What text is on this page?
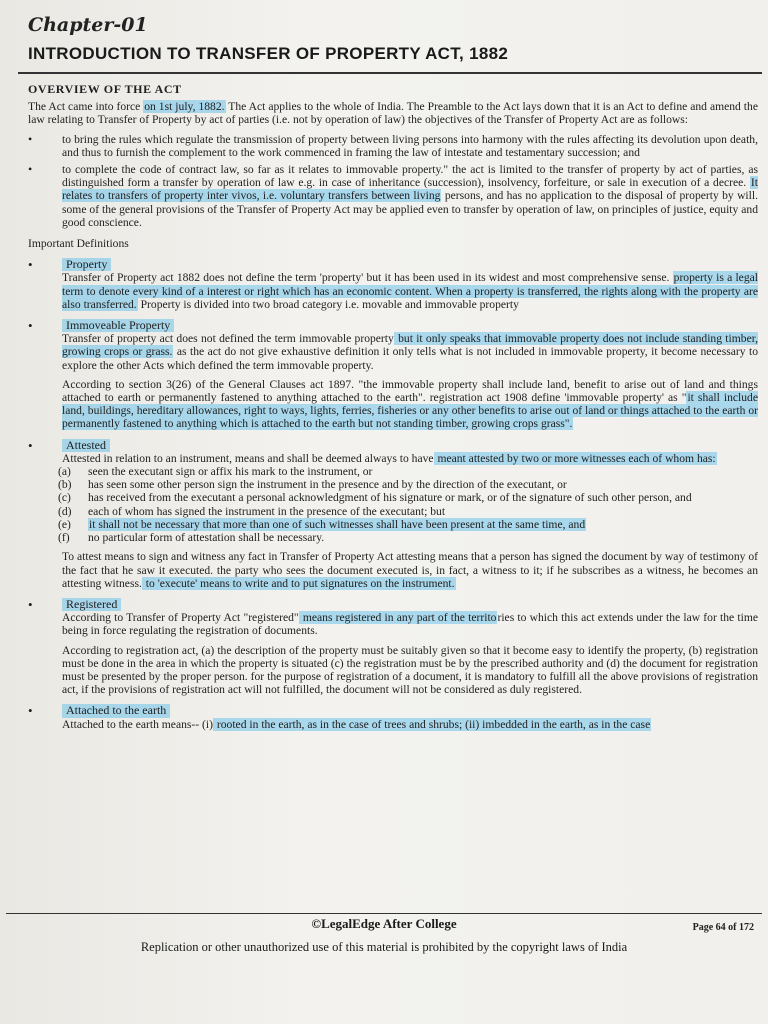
Chapter-01
INTRODUCTION TO TRANSFER OF PROPERTY ACT, 1882
OVERVIEW OF THE ACT

The Act came into force on 1st july, 1882. The Act applies to the whole of India. The Preamble to the Act lays down that it is an Act to define and amend the law relating to Transfer of Property by act of parties (i.e. not by operation of law) the objectives of the Transfer of Property Act are as follows:

• to bring the rules which regulate the transmission of property between living persons into harmony with the rules affecting its devolution upon death, and thus to furnish the complement to the work commenced in framing the law of intestate and testamentary succession; and
• to complete the code of contract law, so far as it relates to immovable property." the act is limited to the transfer of property by act of parties, as distinguished form a transfer by operation of law e.g. in case of inheritance (succession), insolvency, forfeiture, or sale in execution of a decree. It relates to transfers of property inter vivos, i.e. voluntary transfers between living persons, and has no application to the disposal of property by will. some of the general provisions of the Transfer of Property Act may be applied even to transfer by operation of law, on principles of justice, equity and good conscience.
Important Definitions
• Property

Transfer of Property act 1882 does not define the term 'property' but it has been used in its widest and most comprehensive sense. property is a legal term to denote every kind of a interest or right which has an economic content. When a property is transferred, the rights along with the property are also transferred. Property is divided into two broad category i.e. movable and immovable property

• Immoveable Property

Transfer of property act does not defined the term immovable property but it only speaks that immovable property does not include standing timber, growing crops or grass. as the act do not give exhaustive definition it only tells what is not included in immovable property, it become necessary to explore the other Acts which defined the term immovable property.

According to section 3(26) of the General Clauses act 1897. "the immovable property shall include land, benefit to arise out of land and things attached to earth or permanently fastened to anything attached to the earth". registration act 1908 define 'immovable property' as "it shall include land, buildings, hereditary allowances, right to ways, lights, ferries, fisheries or any other benefits to arise out of land or things attached to the earth or permanently fastened to anything which is attached to the earth but not standing timber, growing crops grass".

• Attested

Attested in relation to an instrument, means and shall be deemed always to have meant attested by two or more witnesses each of whom has:

(a) seen the executant sign or affix his mark to the instrument, or
(b) has seen some other person sign the instrument in the presence and by the direction of the executant, or
(c) has received from the executant a personal acknowledgment of his signature or mark, or of the signature of such other person, and
(d) each of whom has signed the instrument in the presence of the executant; but
(e) it shall not be necessary that more than one of such witnesses shall have been present at the same time, and
(f) no particular form of attestation shall be necessary.

To attest means to sign and witness any fact in Transfer of Property Act attesting means that a person has signed the document by way of testimony of the fact that he saw it executed. the party who sees the document executed is, in fact, a witness to it; if he subscribes as a witness, he becomes an attesting witness. to 'execute' means to write and to put signatures on the instrument.

• Registered

According to Transfer of Property Act "registered" means registered in any part of the territories to which this act extends under the law for the time being in force regulating the registration of documents.

According to registration act, (a) the description of the property must be suitably given so that it become easy to identify the property, (b) registration must be done in the area in which the property is situated (c) the registration must be by the prescribed authority and (d) the document for registration must be presented by the proper person. for the purpose of registration of a document, it is mandatory to fulfill all the above provisions of registration act, if the provisions of registration act will not fulfilled, the document will not be considered as duly registered.

• Attached to the earth

Attached to the earth means-- (i) rooted in the earth, as in the case of trees and shrubs; (ii) imbedded in the earth, as in the case

©LegalEdge After College	Page 64 of 172
Replication or other unauthorized use of this material is prohibited by the copyright laws of India
